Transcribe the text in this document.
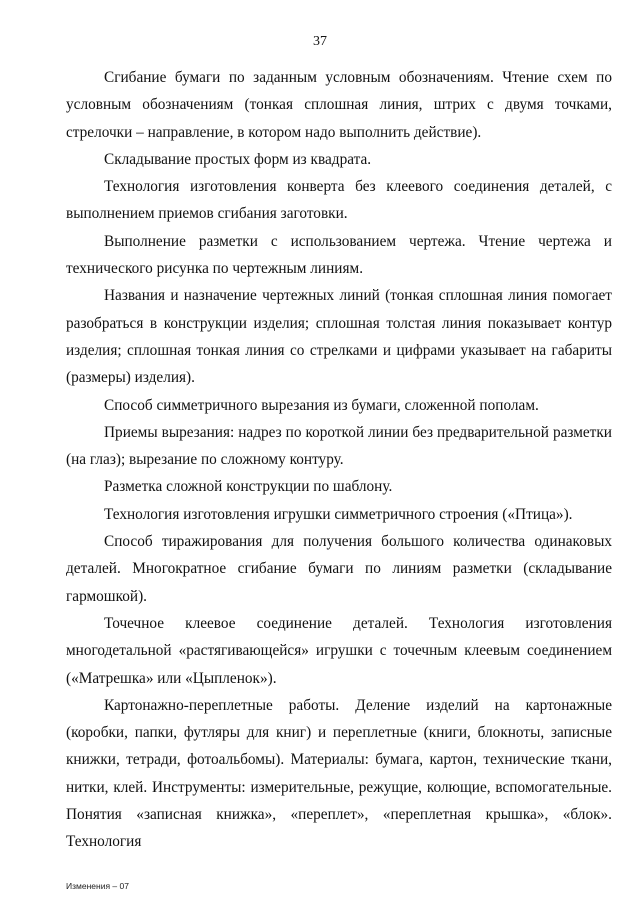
37

Сгибание бумаги по заданным условным обозначениям. Чтение схем по условным обозначениям (тонкая сплошная линия, штрих с двумя точками, стрелочки – направление, в котором надо выполнить действие).

Складывание простых форм из квадрата.

Технология изготовления конверта без клеевого соединения деталей, с выполнением приемов сгибания заготовки.

Выполнение разметки с использованием чертежа. Чтение чертежа и технического рисунка по чертежным линиям.

Названия и назначение чертежных линий (тонкая сплошная линия помогает разобраться в конструкции изделия; сплошная толстая линия показывает контур изделия; сплошная тонкая линия со стрелками и цифрами указывает на габариты (размеры) изделия).

Способ симметричного вырезания из бумаги, сложенной пополам.

Приемы вырезания: надрез по короткой линии без предварительной разметки (на глаз); вырезание по сложному контуру.

Разметка сложной конструкции по шаблону.

Технология изготовления игрушки симметричного строения («Птица»).

Способ тиражирования для получения большого количества одинаковых деталей. Многократное сгибание бумаги по линиям разметки (складывание гармошкой).

Точечное клеевое соединение деталей. Технология изготовления многодетальной «растягивающейся» игрушки с точечным клеевым соединением («Матрешка» или «Цыпленок»).

Картонажно-переплетные работы. Деление изделий на картонажные (коробки, папки, футляры для книг) и переплетные (книги, блокноты, записные книжки, тетради, фотоальбомы). Материалы: бумага, картон, технические ткани, нитки, клей. Инструменты: измерительные, режущие, колющие, вспомогательные. Понятия «записная книжка», «переплет», «переплетная крышка», «блок». Технология

Изменения – 07
